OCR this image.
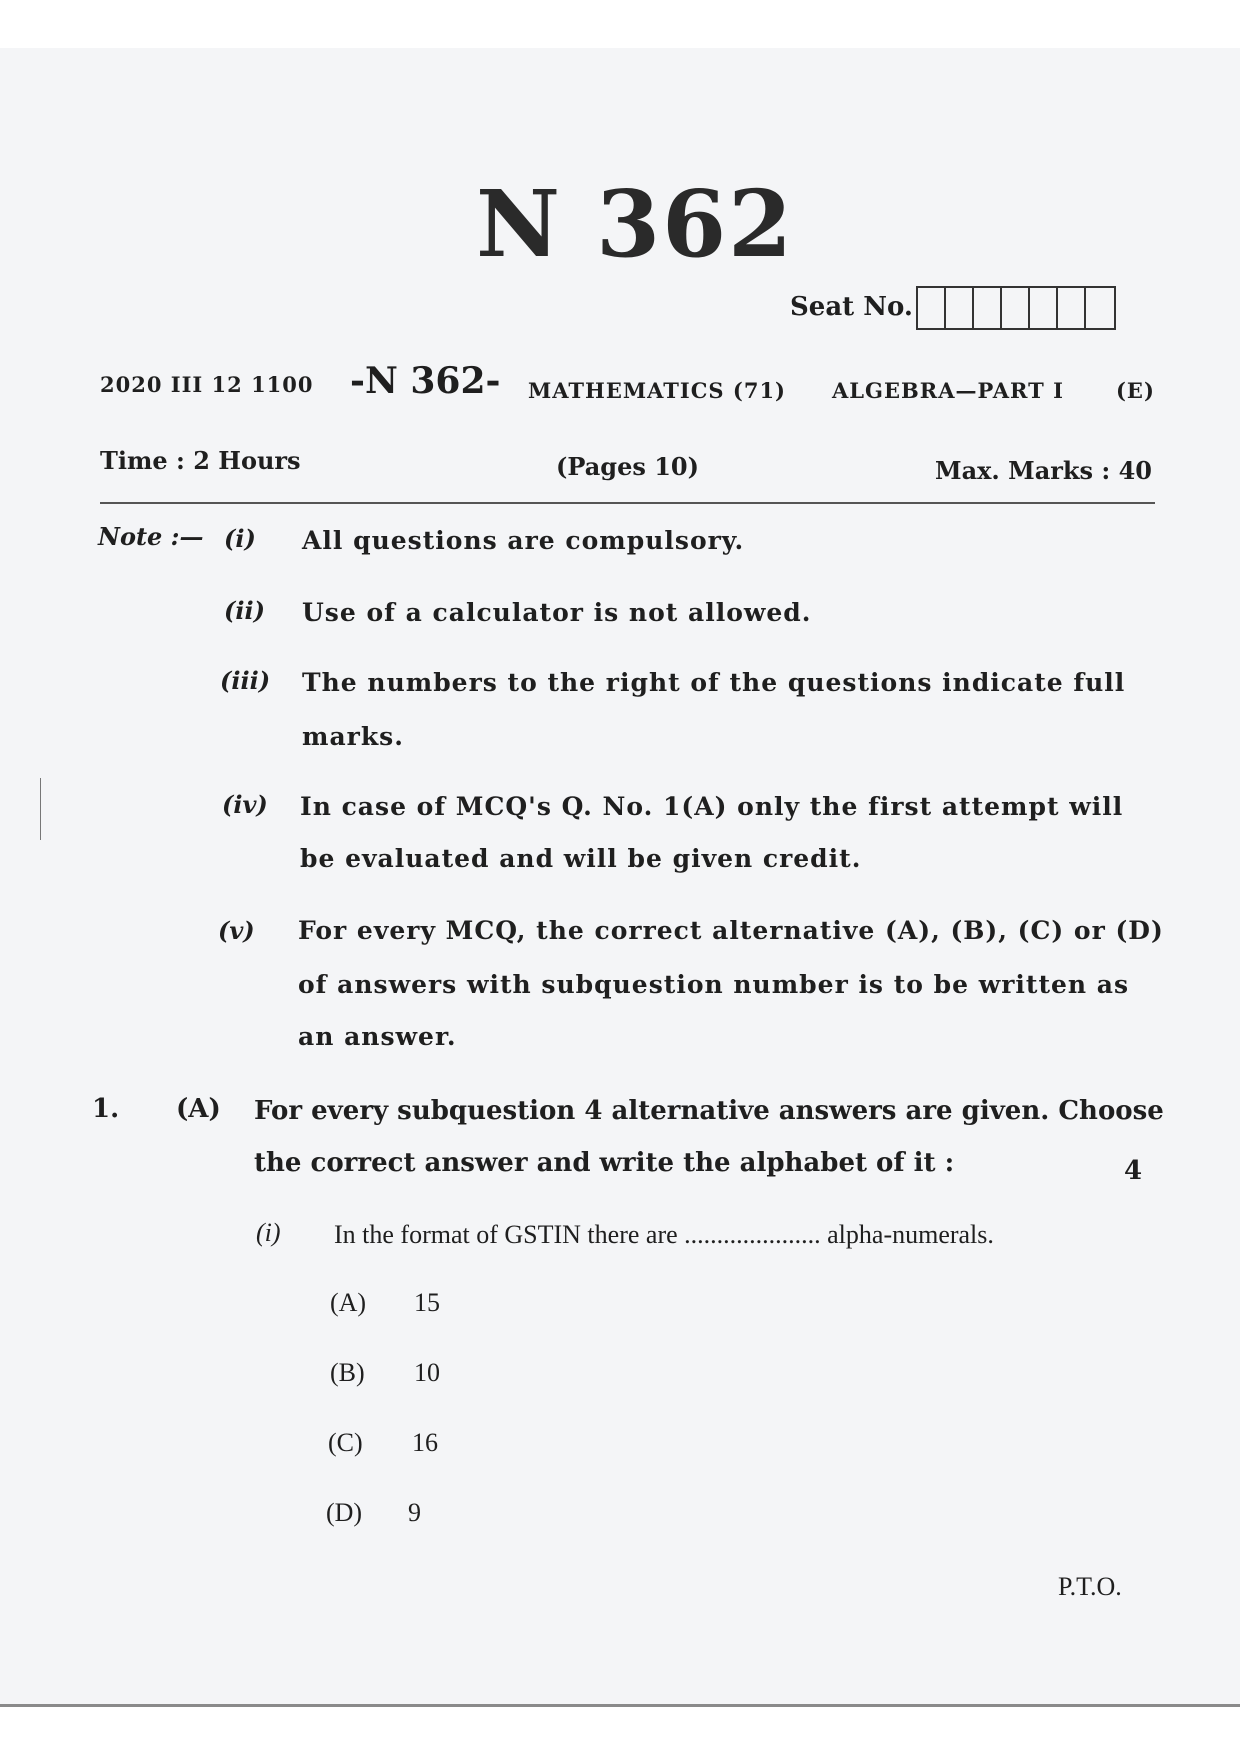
N 362
Seat No.
2020 III 12 1100 -N 362- MATHEMATICS (71) ALGEBRA—PART I (E)
Time : 2 Hours	(Pages 10)	Max. Marks : 40
Note :— (i) All questions are compulsory.
(ii) Use of a calculator is not allowed.
(iii) The numbers to the right of the questions indicate full
marks.
(iv) In case of MCQ's Q. No. 1(A) only the first attempt will
be evaluated and will be given credit.
(v) For every MCQ, the correct alternative (A), (B), (C) or (D)
of answers with subquestion number is to be written as
an answer.
1. (A) For every subquestion 4 alternative answers are given. Choose
the correct answer and write the alphabet of it :	4
(i) In the format of GSTIN there are ..................... alpha-numerals.
(A) 15
(B) 10
(C) 16
(D) 9
P.T.O.
